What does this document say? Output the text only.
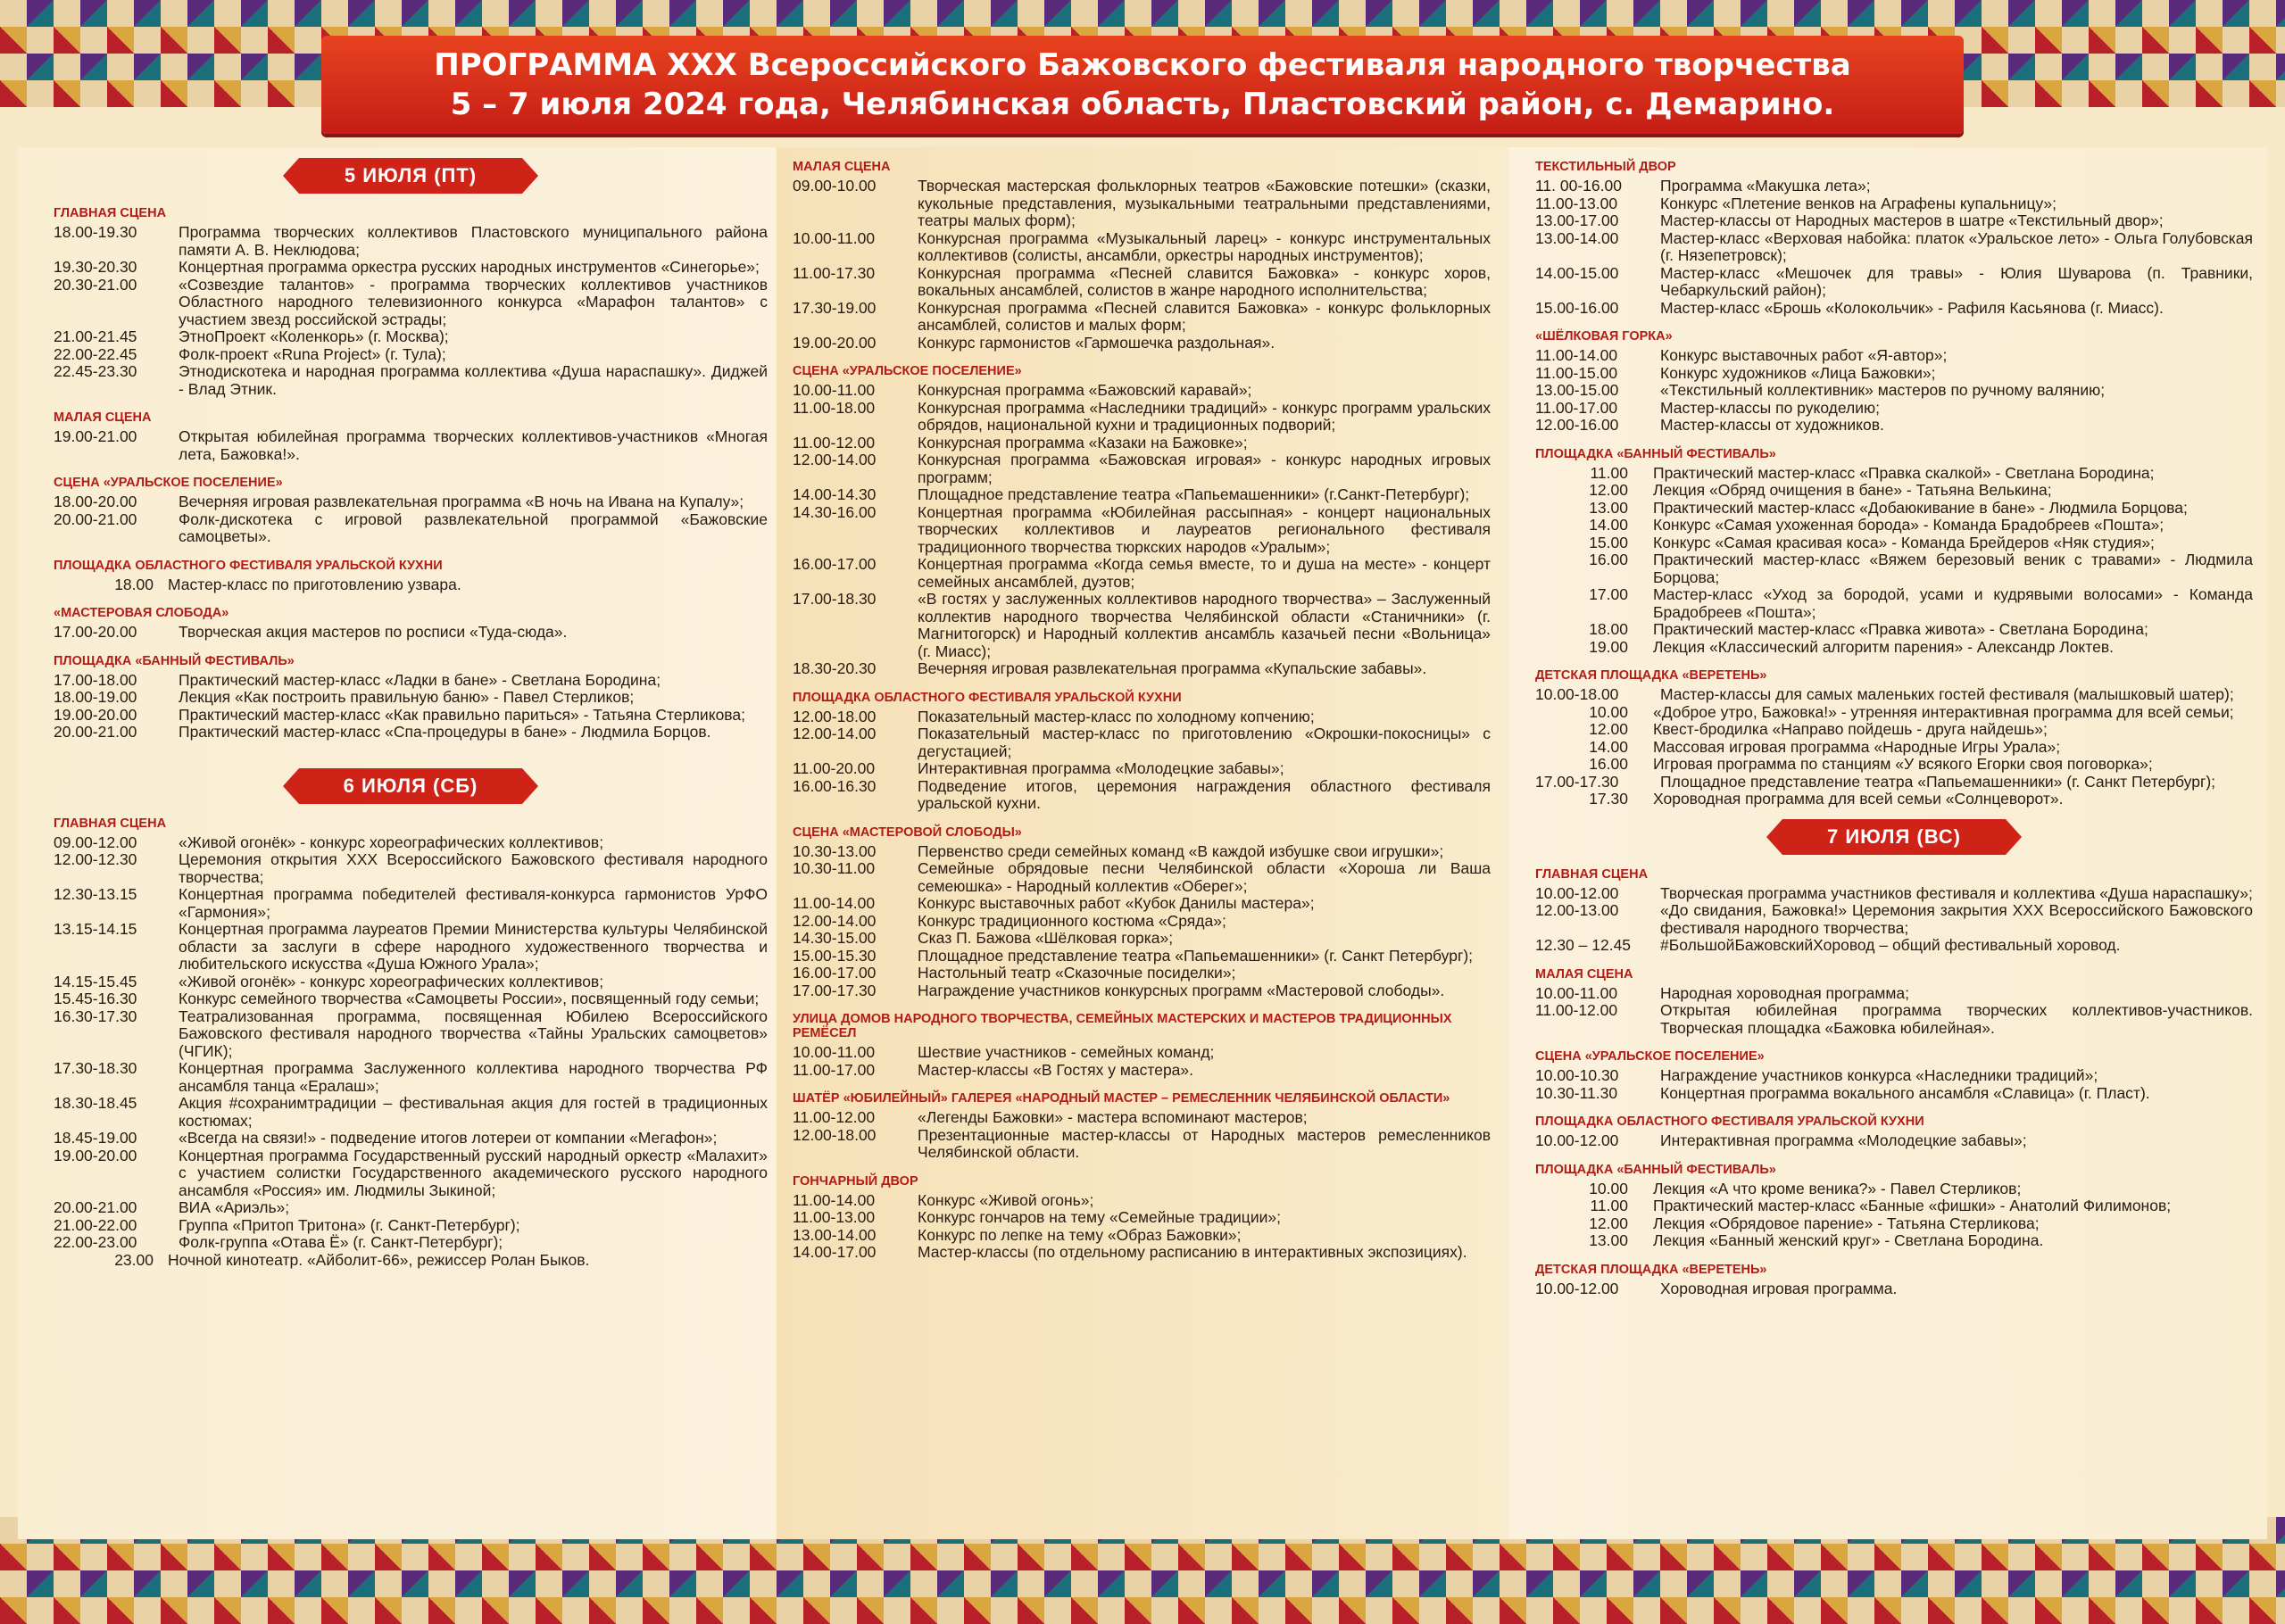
ПРОГРАММА XXX Всероссийского Бажовского фестиваля народного творчества
5 – 7 июля 2024 года, Челябинская область, Пластовский район, с. Демарино.
5 ИЮЛЯ (ПТ)
ГЛАВНАЯ СЦЕНА
18.00-19.30	Программа творческих коллективов Пластовского муниципального района памяти А. В. Неклюдова;
19.30-20.30	Концертная программа оркестра русских народных инструментов «Синегорье»;
20.30-21.00	«Созвездие талантов» - программа творческих коллективов участников Областного народного телевизионного конкурса «Марафон талантов» с участием звезд российской эстрады;
21.00-21.45	ЭтноПроект «Коленкорь» (г. Москва);
22.00-22.45	Фолк-проект «Runa Project» (г. Тула);
22.45-23.30	Этнодискотека и народная программа коллектива «Душа нараспашку». Диджей - Влад Этник.
МАЛАЯ СЦЕНА
19.00-21.00	Открытая юбилейная программа творческих коллективов-участников «Многая лета, Бажовка!».
СЦЕНА «УРАЛЬСКОЕ ПОСЕЛЕНИЕ»
18.00-20.00	Вечерняя игровая развлекательная программа «В ночь на Ивана на Купалу»;
20.00-21.00	Фолк-дискотека с игровой развлекательной программой «Бажовские самоцветы».
ПЛОЩАДКА ОБЛАСТНОГО ФЕСТИВАЛЯ УРАЛЬСКОЙ КУХНИ
18.00 Мастер-класс по приготовлению узвара.
«МАСТЕРОВАЯ СЛОБОДА»
17.00-20.00	Творческая акция мастеров по росписи «Туда-сюда».
ПЛОЩАДКА «БАННЫЙ ФЕСТИВАЛЬ»
17.00-18.00	Практический мастер-класс «Ладки в бане» - Светлана Бородина;
18.00-19.00	Лекция «Как построить правильную баню» - Павел Стерликов;
19.00-20.00	Практический мастер-класс «Как правильно париться» - Татьяна Стерликова;
20.00-21.00	Практический мастер-класс «Спа-процедуры в бане» - Людмила Борцов.
6 ИЮЛЯ (СБ)
ГЛАВНАЯ СЦЕНА
09.00-12.00	«Живой огонёк» - конкурс хореографических коллективов;
12.00-12.30	Церемония открытия XXX Всероссийского Бажовского фестиваля народного творчества;
12.30-13.15	Концертная программа победителей фестиваля-конкурса гармонистов УрФО «Гармония»;
13.15-14.15	Концертная программа лауреатов Премии Министерства культуры Челябинской области за заслуги в сфере народного художественного творчества и любительского искусства «Душа Южного Урала»;
14.15-15.45	«Живой огонёк» - конкурс хореографических коллективов;
15.45-16.30	Конкурс семейного творчества «Самоцветы России», посвященный году семьи;
16.30-17.30	Театрализованная программа, посвященная Юбилею Всероссийского Бажовского фестиваля народного творчества «Тайны Уральских самоцветов» (ЧГИК);
17.30-18.30	Концертная программа Заслуженного коллектива народного творчества РФ ансамбля танца «Ералаш»;
18.30-18.45	Акция #сохранимтрадиции – фестивальная акция для гостей в традиционных костюмах;
18.45-19.00	«Всегда на связи!» - подведение итогов лотереи от компании «Мегафон»;
19.00-20.00	Концертная программа Государственный русский народный оркестр «Малахит» с участием солистки Государственного академического русского народного ансамбля «Россия» им. Людмилы Зыкиной;
20.00-21.00	ВИА «Ариэль»;
21.00-22.00	Группа «Притоп Тритона» (г. Санкт-Петербург);
22.00-23.00	Фолк-группа «Отава Ё» (г. Санкт-Петербург);
23.00 Ночной кинотеатр. «Айболит-66», режиссер Ролан Быков.
МАЛАЯ СЦЕНА
09.00-10.00	Творческая мастерская фольклорных театров «Бажовские потешки» (сказки, кукольные представления, музыкальными театральными представлениями, театры малых форм);
10.00-11.00	Конкурсная программа «Музыкальный ларец» - конкурс инструментальных коллективов (солисты, ансамбли, оркестры народных инструментов);
11.00-17.30	Конкурсная программа «Песней славится Бажовка» - конкурс хоров, вокальных ансамблей, солистов в жанре народного исполнительства;
17.30-19.00	Конкурсная программа «Песней славится Бажовка» - конкурс фольклорных ансамблей, солистов и малых форм;
19.00-20.00	Конкурс гармонистов «Гармошечка раздольная».
СЦЕНА «УРАЛЬСКОЕ ПОСЕЛЕНИЕ»
10.00-11.00	Конкурсная программа «Бажовский каравай»;
11.00-18.00	Конкурсная программа «Наследники традиций» - конкурс программ уральских обрядов, национальной кухни и традиционных подворий;
11.00-12.00	Конкурсная программа «Казаки на Бажовке»;
12.00-14.00	Конкурсная программа «Бажовская игровая» - конкурс народных игровых программ;
14.00-14.30	Площадное представление театра «Папьемашенники» (г.Санкт-Петербург);
14.30-16.00	Концертная программа «Юбилейная рассыпная» - концерт национальных творческих коллективов и лауреатов регионального фестиваля традиционного творчества тюркских народов «Уралым»;
16.00-17.00	Концертная программа «Когда семья вместе, то и душа на месте» - концерт семейных ансамблей, дуэтов;
17.00-18.30	«В гостях у заслуженных коллективов народного творчества» – Заслуженный коллектив народного творчества Челябинской области «Станичники» (г. Магнитогорск) и Народный коллектив ансамбль казачьей песни «Вольница» (г. Миасс);
18.30-20.30	Вечерняя игровая развлекательная программа «Купальские забавы».
ПЛОЩАДКА ОБЛАСТНОГО ФЕСТИВАЛЯ УРАЛЬСКОЙ КУХНИ
12.00-18.00	Показательный мастер-класс по холодному копчению;
12.00-14.00	Показательный мастер-класс по приготовлению «Окрошки-покосницы» с дегустацией;
11.00-20.00	Интерактивная программа «Молодецкие забавы»;
16.00-16.30	Подведение итогов, церемония награждения областного фестиваля уральской кухни.
СЦЕНА «МАСТЕРОВОЙ СЛОБОДЫ»
10.30-13.00	Первенство среди семейных команд «В каждой избушке свои игрушки»;
10.30-11.00	Семейные обрядовые песни Челябинской области «Хороша ли Ваша семеюшка» - Народный коллектив «Оберег»;
11.00-14.00	Конкурс выставочных работ «Кубок Данилы мастера»;
12.00-14.00	Конкурс традиционного костюма «Сряда»;
14.30-15.00	Сказ П. Бажова «Шёлковая горка»;
15.00-15.30	Площадное представление театра «Папьемашенники» (г. Санкт Петербург);
16.00-17.00	Настольный театр «Сказочные посиделки»;
17.00-17.30	Награждение участников конкурсных программ «Мастеровой слободы».
УЛИЦА ДОМОВ НАРОДНОГО ТВОРЧЕСТВА, СЕМЕЙНЫХ МАСТЕРСКИХ И МАСТЕРОВ ТРАДИЦИОННЫХ РЕМЁСЕЛ
10.00-11.00	Шествие участников - семейных команд;
11.00-17.00	Мастер-классы «В Гостях у мастера».
ШАТЁР «ЮБИЛЕЙНЫЙ» ГАЛЕРЕЯ «НАРОДНЫЙ МАСТЕР – РЕМЕСЛЕННИК ЧЕЛЯБИНСКОЙ ОБЛАСТИ»
11.00-12.00	«Легенды Бажовки» - мастера вспоминают мастеров;
12.00-18.00	Презентационные мастер-классы от Народных мастеров ремесленников Челябинской области.
ГОНЧАРНЫЙ ДВОР
11.00-14.00	Конкурс «Живой огонь»;
11.00-13.00	Конкурс гончаров на тему «Семейные традиции»;
13.00-14.00	Конкурс по лепке на тему «Образ Бажовки»;
14.00-17.00	Мастер-классы (по отдельному расписанию в интерактивных экспозициях).
ТЕКСТИЛЬНЫЙ ДВОР
11. 00-16.00	Программа «Макушка лета»;
11.00-13.00	Конкурс «Плетение венков на Аграфены купальницу»;
13.00-17.00	Мастер-классы от Народных мастеров в шатре «Текстильный двор»;
13.00-14.00	Мастер-класс «Верховая набойка: платок «Уральское лето» - Ольга Голубовская (г. Нязепетровск);
14.00-15.00	Мастер-класс «Мешочек для травы» - Юлия Шуварова (п. Травники, Чебаркульский район);
15.00-16.00	Мастер-класс «Брошь «Колокольчик» - Рафиля Касьянова (г. Миасс).
«ШЁЛКОВАЯ ГОРКА»
11.00-14.00	Конкурс выставочных работ «Я-автор»;
11.00-15.00	Конкурс художников «Лица Бажовки»;
13.00-15.00	«Текстильный коллективник» мастеров по ручному валянию;
11.00-17.00	Мастер-классы по рукоделию;
12.00-16.00	Мастер-классы от художников.
ПЛОЩАДКА «БАННЫЙ ФЕСТИВАЛЬ»
11.00	Практический мастер-класс «Правка скалкой» - Светлана Бородина;
12.00	Лекция «Обряд очищения в бане» - Татьяна Велькина;
13.00	Практический мастер-класс «Добаюкивание в бане» - Людмила Борцова;
14.00	Конкурс «Самая ухоженная борода» - Команда Брадобреев «Пошта»;
15.00	Конкурс «Самая красивая коса» - Команда Брейдеров «Няк студия»;
16.00	Практический мастер-класс «Вяжем березовый веник с травами» - Людмила Борцова;
17.00	Мастер-класс «Уход за бородой, усами и кудрявыми волосами» - Команда Брадобреев «Пошта»;
18.00	Практический мастер-класс «Правка живота» - Светлана Бородина;
19.00	Лекция «Классический алгоритм парения» - Александр Локтев.
ДЕТСКАЯ ПЛОЩАДКА «ВЕРЕТЕНЬ»
10.00-18.00	Мастер-классы для самых маленьких гостей фестиваля (малышковый шатер);
10.00	«Доброе утро, Бажовка!» - утренняя интерактивная программа для всей семьи;
12.00	Квест-бродилка «Направо пойдешь - друга найдешь»;
14.00	Массовая игровая программа «Народные Игры Урала»;
16.00	Игровая программа по станциям «У всякого Егорки своя поговорка»;
17.00-17.30	Площадное представление театра «Папьемашенники» (г. Санкт Петербург);
17.30	Хороводная программа для всей семьи «Солнцеворот».
7 ИЮЛЯ (ВС)
ГЛАВНАЯ СЦЕНА
10.00-12.00	Творческая программа участников фестиваля и коллектива «Душа нараспашку»;
12.00-13.00	«До свидания, Бажовка!» Церемония закрытия XXX Всероссийского Бажовского фестиваля народного творчества;
12.30 – 12.45	#БольшойБажовскийХоровод – общий фестивальный хоровод.
МАЛАЯ СЦЕНА
10.00-11.00	Народная хороводная программа;
11.00-12.00	Открытая юбилейная программа творческих коллективов-участников. Творческая площадка «Бажовка юбилейная».
СЦЕНА «УРАЛЬСКОЕ ПОСЕЛЕНИЕ»
10.00-10.30	Награждение участников конкурса «Наследники традиций»;
10.30-11.30	Концертная программа вокального ансамбля «Славица» (г. Пласт).
ПЛОЩАДКА ОБЛАСТНОГО ФЕСТИВАЛЯ УРАЛЬСКОЙ КУХНИ
10.00-12.00	Интерактивная программа «Молодецкие забавы»;
ПЛОЩАДКА «БАННЫЙ ФЕСТИВАЛЬ»
10.00	Лекция «А что кроме веника?» - Павел Стерликов;
11.00	Практический мастер-класс «Банные «фишки» - Анатолий Филимонов;
12.00	Лекция «Обрядовое парение» - Татьяна Стерликова;
13.00	Лекция «Банный женский круг» - Светлана Бородина.
ДЕТСКАЯ ПЛОЩАДКА «ВЕРЕТЕНЬ»
10.00-12.00	Хороводная игровая программа.
